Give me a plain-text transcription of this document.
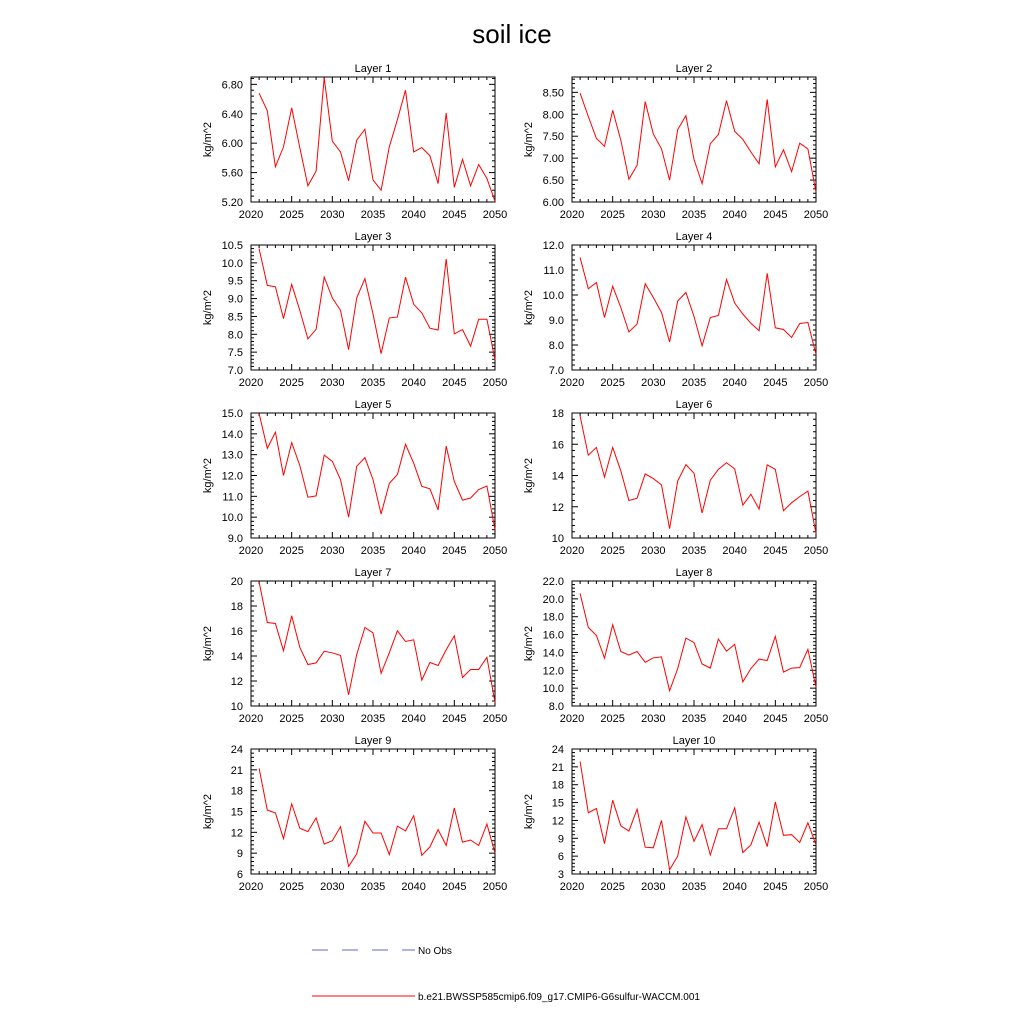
soil ice
Layer 1
kg/m^2
2020 2025 2030 2035 2040 2045 2050
5.20
5.60
6.00
6.40
6.80
Layer 2
kg/m^2
2020 2025 2030 2035 2040 2045 2050
6.00
6.50
7.00
7.50
8.00
8.50
Layer 3
kg/m^2
2020 2025 2030 2035 2040 2045 2050
7.0
7.5
8.0
8.5
9.0
9.5
10.0
10.5
Layer 4
kg/m^2
2020 2025 2030 2035 2040 2045 2050
7.0
8.0
9.0
10.0
11.0
12.0
Layer 5
kg/m^2
2020 2025 2030 2035 2040 2045 2050
9.0
10.0
11.0
12.0
13.0
14.0
15.0
Layer 6
kg/m^2
2020 2025 2030 2035 2040 2045 2050
10
12
14
16
18
Layer 7
kg/m^2
2020 2025 2030 2035 2040 2045 2050
10
12
14
16
18
20
Layer 8
kg/m^2
2020 2025 2030 2035 2040 2045 2050
8.0
10.0
12.0
14.0
16.0
18.0
20.0
22.0
Layer 9
kg/m^2
2020 2025 2030 2035 2040 2045 2050
6
9
12
15
18
21
24
Layer 10
kg/m^2
2020 2025 2030 2035 2040 2045 2050
3
6
9
12
15
18
21
24
No Obs
b.e21.BWSSP585cmip6.f09_g17.CMIP6-G6sulfur-WACCM.001
